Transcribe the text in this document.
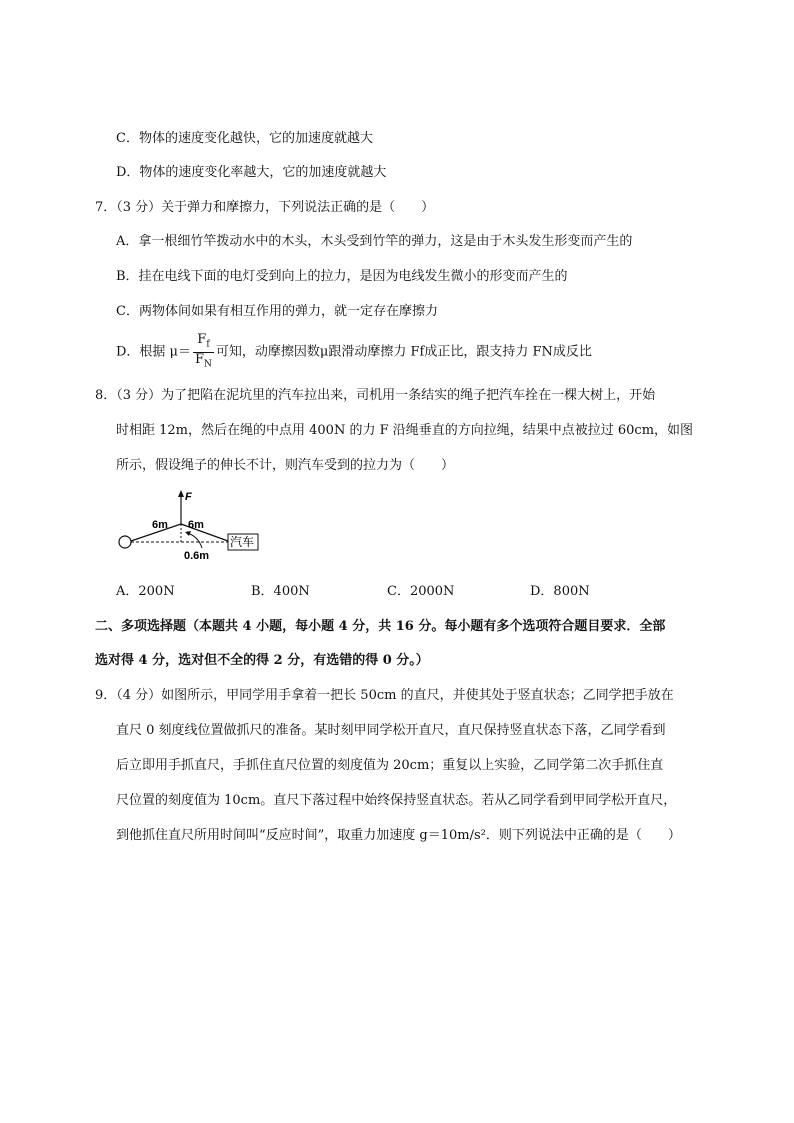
C．物体的速度变化越快，它的加速度就越大
D．物体的速度变化率越大，它的加速度就越大
7．（3 分）关于弹力和摩擦力，下列说法正确的是（　　）
A．拿一根细竹竿拨动水中的木头，木头受到竹竿的弹力，这是由于木头发生形变而产生的
B．挂在电线下面的电灯受到向上的拉力，是因为电线发生微小的形变而产生的
C．两物体间如果有相互作用的弹力，就一定存在摩擦力
D．根据 $\mu= \frac{F_f}{F_N}$ 可知，动摩擦因数μ跟滑动摩擦力 Ff成正比，跟支持力 FN成反比
8．（3 分）为了把陷在泥坑里的汽车拉出来，司机用一条结实的绳子把汽车拴在一棵大树上，开始
时相距 12m，然后在绳的中点用 400N 的力 F 沿绳垂直的方向拉绳，结果中点被拉过 60cm，如图
所示，假设绳子的伸长不计，则汽车受到的拉力为（　　）
F
6m 6m
汽车
0.6m
A．200N	B．400N	C．2000N	D．800N
二、多项选择题（本题共 4 小题，每小题 4 分，共 16 分。每小题有多个选项符合题目要求．全部
选对得 4 分，选对但不全的得 2 分，有选错的得 0 分。）
9．（4 分）如图所示，甲同学用手拿着一把长 50cm 的直尺，并使其处于竖直状态；乙同学把手放在
直尺 0 刻度线位置做抓尺的准备。某时刻甲同学松开直尺，直尺保持竖直状态下落，乙同学看到
后立即用手抓直尺，手抓住直尺位置的刻度值为 20cm；重复以上实验，乙同学第二次手抓住直
尺位置的刻度值为 10cm。直尺下落过程中始终保持竖直状态。若从乙同学看到甲同学松开直尺，
到他抓住直尺所用时间叫“反应时间”，取重力加速度 g＝10m/s²．则下列说法中正确的是（　　）
